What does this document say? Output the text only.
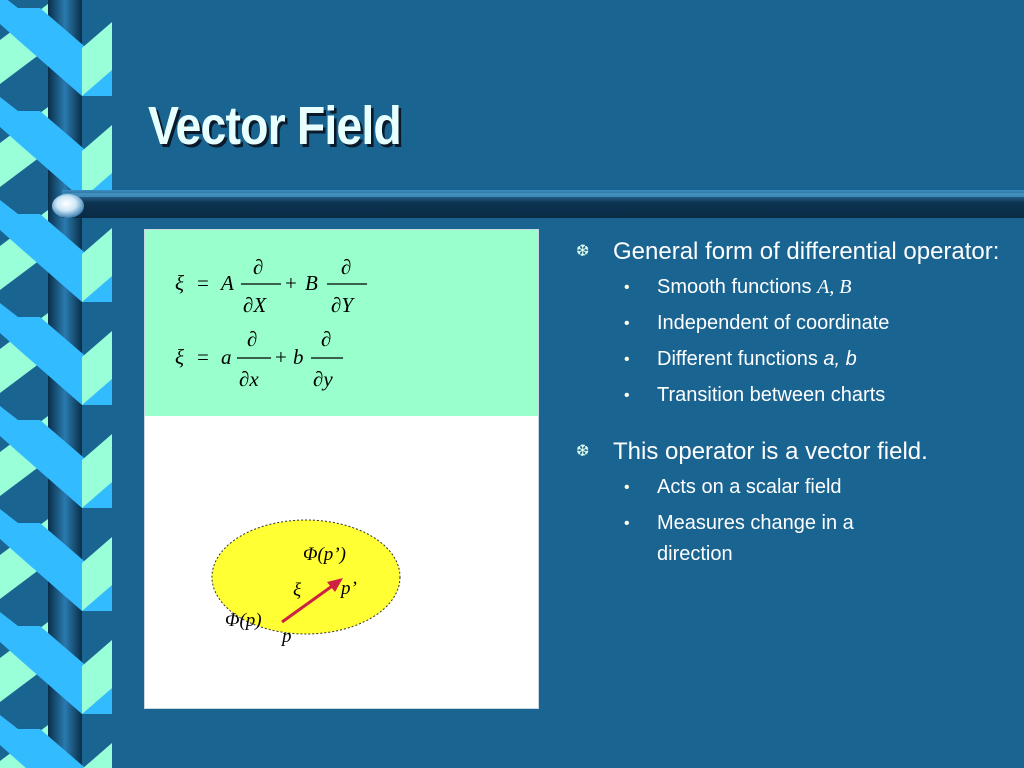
Vector Field
ξ = A
∂
∂X
+ B
∂
∂Y
ξ = a
∂
∂x
+ b
∂
∂y
Φ(p’)
ξ p’
Φ(p)
p
❆ General form of differential operator:
• Smooth functions A, B
• Independent of coordinate
• Different functions a, b
• Transition between charts
❆ This operator is a vector field.
• Acts on a scalar field
• Measures change in a direction
